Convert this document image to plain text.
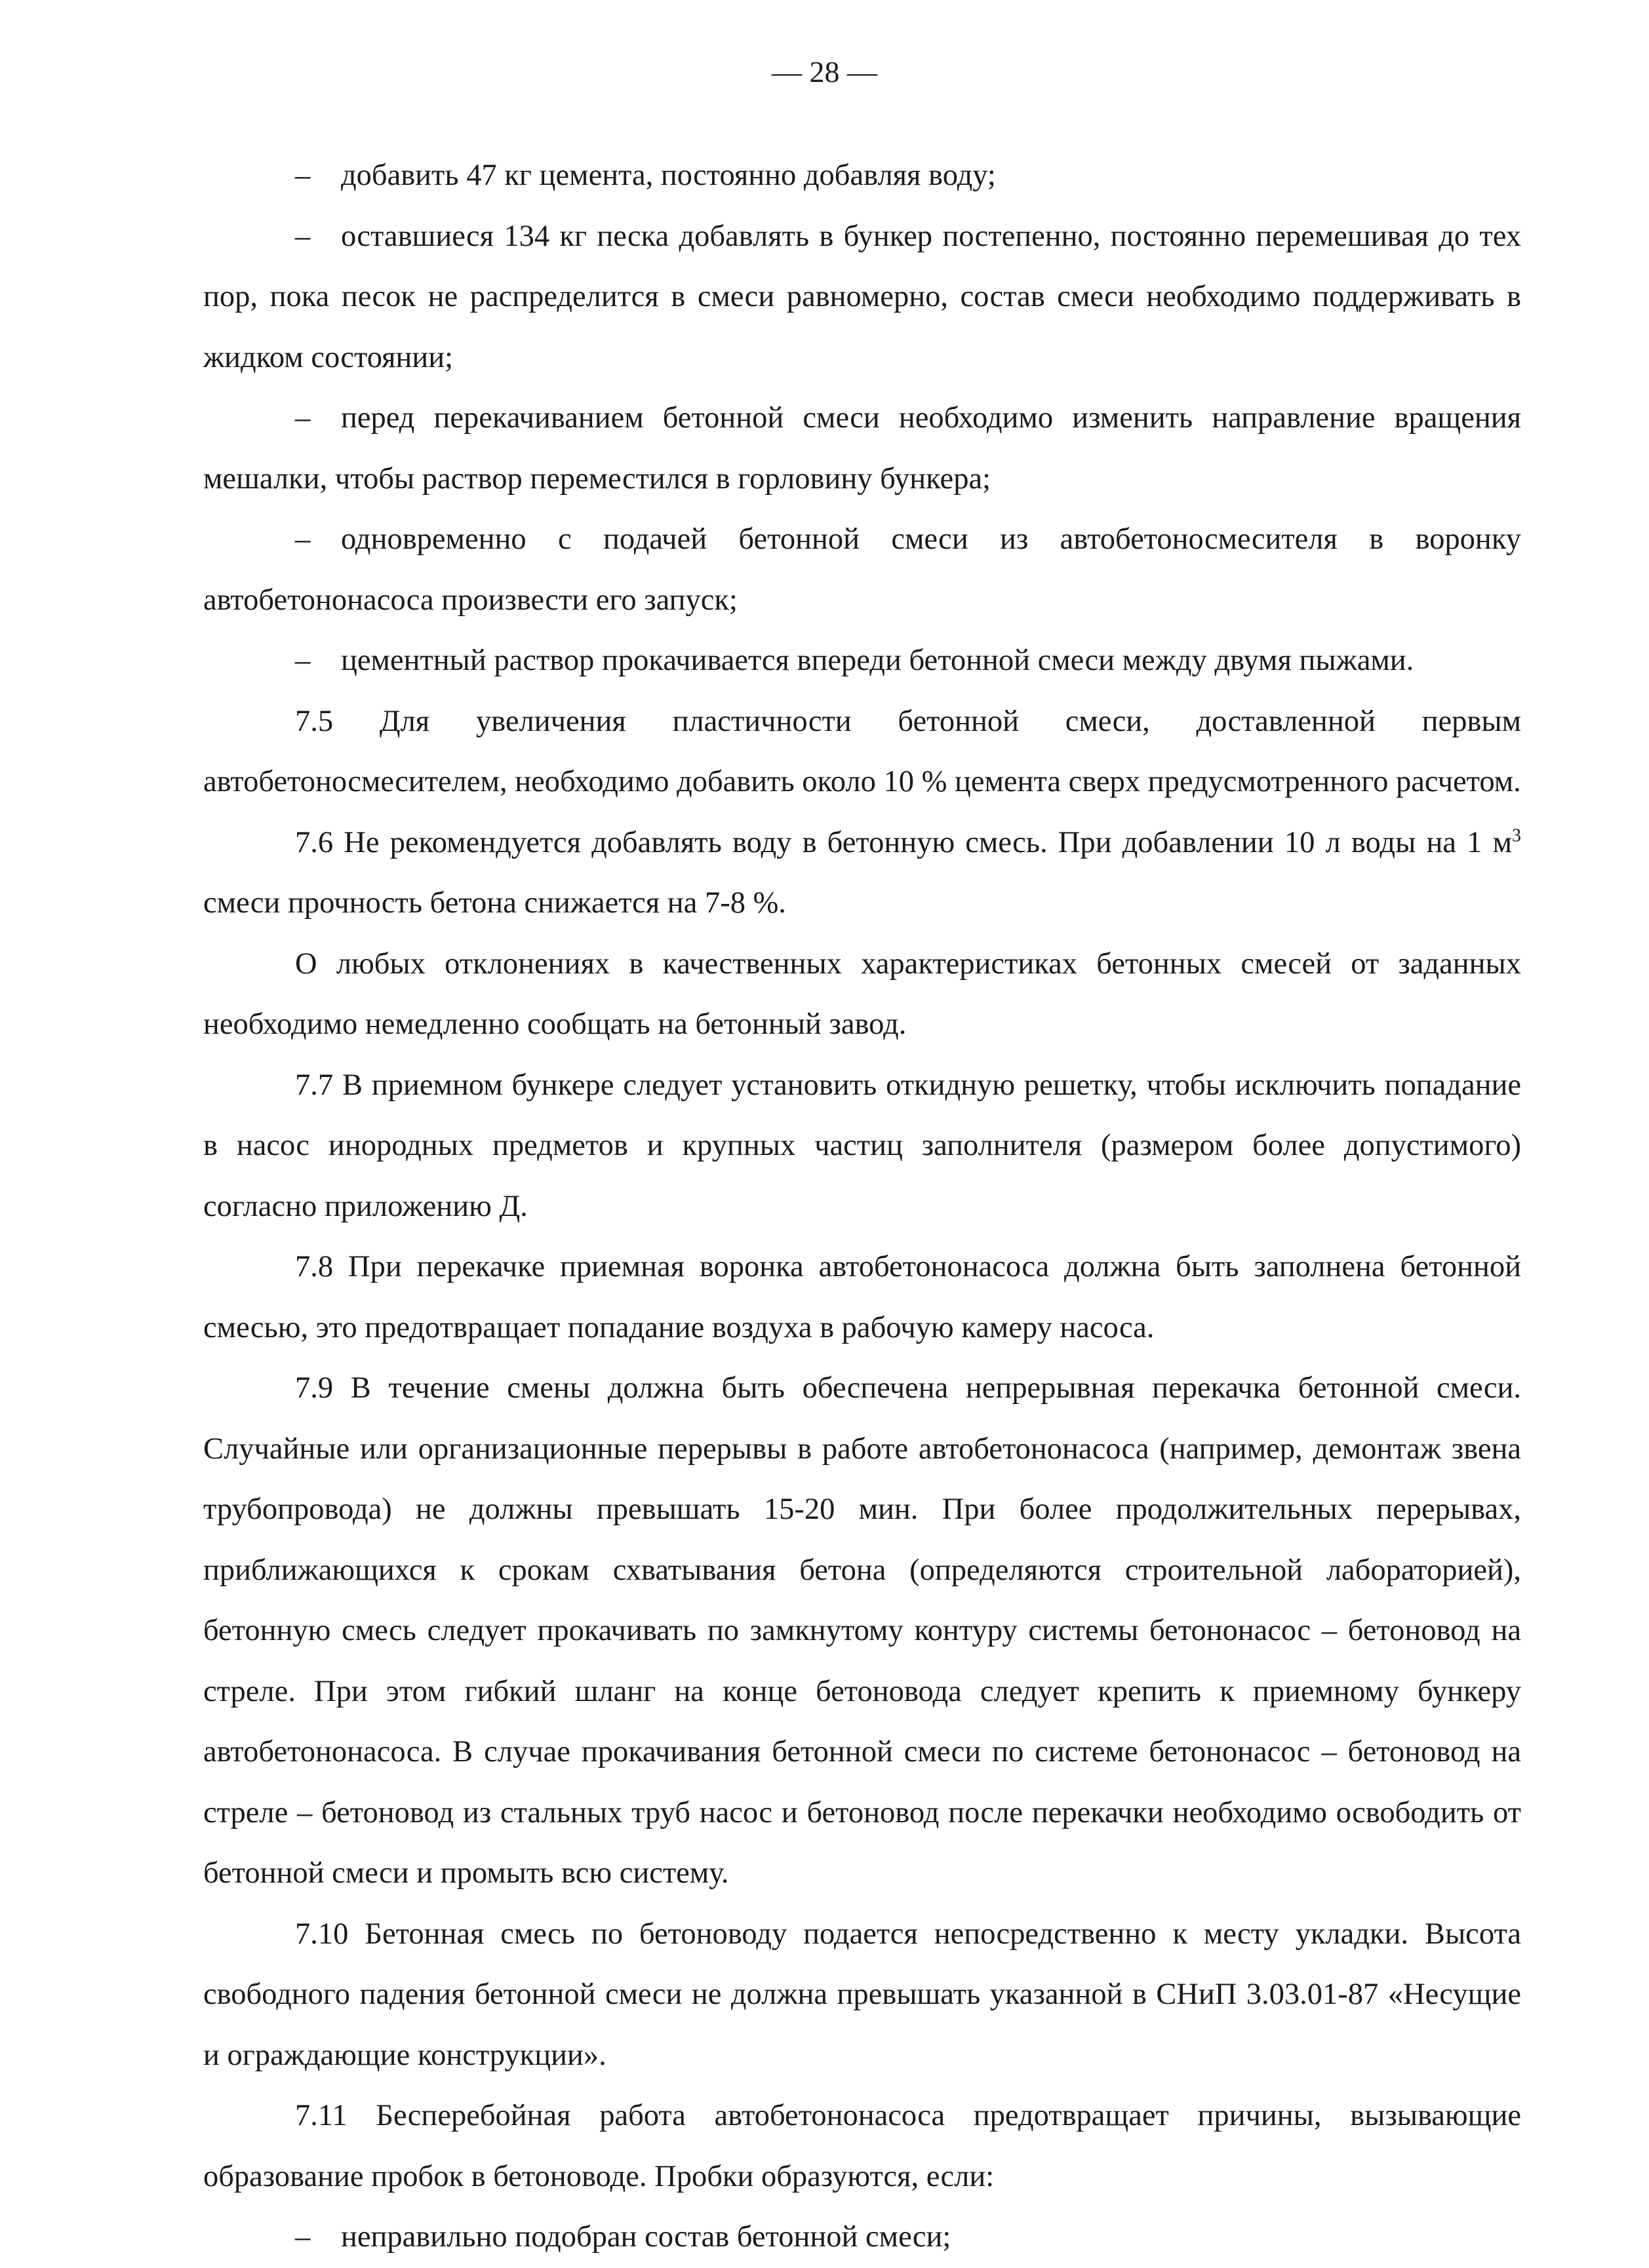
— 28 —

– добавить 47 кг цемента, постоянно добавляя воду;

– оставшиеся 134 кг песка добавлять в бункер постепенно, постоянно перемешивая до тех пор, пока песок не распределится в смеси равномерно, состав смеси необходимо поддерживать в жидком состоянии;

– перед перекачиванием бетонной смеси необходимо изменить направление вращения мешалки, чтобы раствор переместился в горловину бункера;

– одновременно с подачей бетонной смеси из автобетоносмесителя в воронку автобетононасоса произвести его запуск;

– цементный раствор прокачивается впереди бетонной смеси между двумя пыжами.

7.5 Для увеличения пластичности бетонной смеси, доставленной первым автобетоносмесителем, необходимо добавить около 10 % цемента сверх предусмотренного расчетом.

7.6 Не рекомендуется добавлять воду в бетонную смесь. При добавлении 10 л воды на 1 $м^3$ смеси прочность бетона снижается на 7-8 %.

О любых отклонениях в качественных характеристиках бетонных смесей от заданных необходимо немедленно сообщать на бетонный завод.

7.7 В приемном бункере следует установить откидную решетку, чтобы исключить попадание в насос инородных предметов и крупных частиц заполнителя (размером более допустимого) согласно приложению Д.

7.8 При перекачке приемная воронка автобетононасоса должна быть заполнена бетонной смесью, это предотвращает попадание воздуха в рабочую камеру насоса.

7.9 В течение смены должна быть обеспечена непрерывная перекачка бетонной смеси. Случайные или организационные перерывы в работе автобетононасоса (например, демонтаж звена трубопровода) не должны превышать 15-20 мин. При более продолжительных перерывах, приближающихся к срокам схватывания бетона (определяются строительной лабораторией), бетонную смесь следует прокачивать по замкнутому контуру системы бетононасос – бетоновод на стреле. При этом гибкий шланг на конце бетоновода следует крепить к приемному бункеру автобетононасоса. В случае прокачивания бетонной смеси по системе бетононасос – бетоновод на стреле – бетоновод из стальных труб насос и бетоновод после перекачки необходимо освободить от бетонной смеси и промыть всю систему.

7.10 Бетонная смесь по бетоноводу подается непосредственно к месту укладки. Высота свободного падения бетонной смеси не должна превышать указанной в СНиП 3.03.01-87 «Несущие и ограждающие конструкции».

7.11 Бесперебойная работа автобетононасоса предотвращает причины, вызывающие образование пробок в бетоноводе. Пробки образуются, если:

– неправильно подобран состав бетонной смеси;
